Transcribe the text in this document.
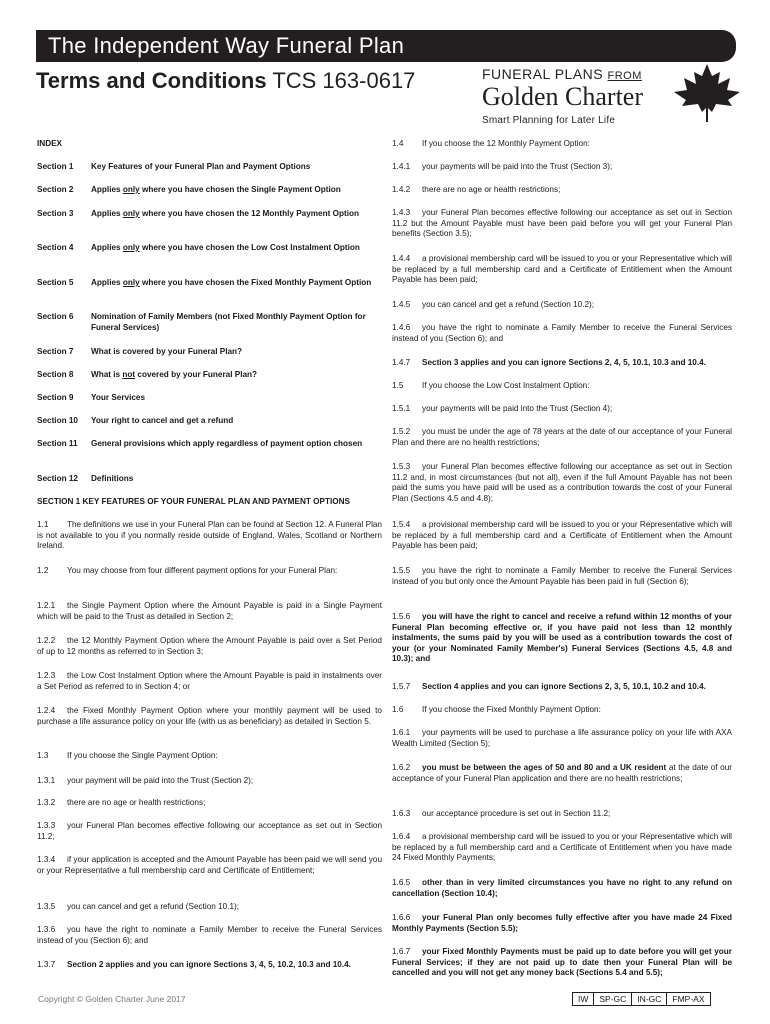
The Independent Way Funeral Plan
Terms and Conditions TCS 163-0617	FUNERAL PLANS FROM
Golden Charter
Smart Planning for Later Life
INDEX
Section 1 Key Features of your Funeral Plan and Payment Options
Section 2 Applies only where you have chosen the Single Payment Option
Section 3 Applies only where you have chosen the 12 Monthly Payment Option
Section 4 Applies only where you have chosen the Low Cost Instalment Option
Section 5 Applies only where you have chosen the Fixed Monthly Payment Option
Section 6 Nomination of Family Members (not Fixed Monthly Payment Option for Funeral Services)
Section 7 What is covered by your Funeral Plan?
Section 8 What is not covered by your Funeral Plan?
Section 9 Your Services
Section 10 Your right to cancel and get a refund
Section 11 General provisions which apply regardless of payment option chosen
Section 12 Definitions
SECTION 1 KEY FEATURES OF YOUR FUNERAL PLAN AND PAYMENT OPTIONS

1.1 The definitions we use in your Funeral Plan can be found at Section 12. A Funeral Plan is not available to you if you normally reside outside of England, Wales, Scotland or Northern Ireland.

1.2 You may choose from four different payment options for your Funeral Plan:

1.2.1 the Single Payment Option where the Amount Payable is paid in a Single Payment which will be paid to the Trust as detailed in Section 2;

1.2.2 the 12 Monthly Payment Option where the Amount Payable is paid over a Set Period of up to 12 months as referred to in Section 3;

1.2.3 the Low Cost Instalment Option where the Amount Payable is paid in instalments over a Set Period as referred to in Section 4; or

1.2.4 the Fixed Monthly Payment Option where your monthly payment will be used to purchase a life assurance policy on your life (with us as beneficiary) as detailed in Section 5.

1.3 If you choose the Single Payment Option:

1.3.1 your payment will be paid into the Trust (Section 2);

1.3.2 there are no age or health restrictions;

1.3.3 your Funeral Plan becomes effective following our acceptance as set out in Section 11.2;

1.3.4 if your application is accepted and the Amount Payable has been paid we will send you or your Representative a full membership card and Certificate of Entitlement;

1.3.5 you can cancel and get a refund (Section 10.1);

1.3.6 you have the right to nominate a Family Member to receive the Funeral Services instead of you (Section 6); and

1.3.7 Section 2 applies and you can ignore Sections 3, 4, 5, 10.2, 10.3 and 10.4.

1.4 If you choose the 12 Monthly Payment Option:

1.4.1 your payments will be paid into the Trust (Section 3);

1.4.2 there are no age or health restrictions;

1.4.3 your Funeral Plan becomes effective following our acceptance as set out in Section 11.2 but the Amount Payable must have been paid before you will get your Funeral Plan benefits (Section 3.5);

1.4.4 a provisional membership card will be issued to you or your Representative which will be replaced by a full membership card and a Certificate of Entitlement when the Amount Payable has been paid;

1.4.5 you can cancel and get a refund (Section 10.2);

1.4.6 you have the right to nominate a Family Member to receive the Funeral Services instead of you (Section 6); and

1.4.7 Section 3 applies and you can ignore Sections 2, 4, 5, 10.1, 10.3 and 10.4.

1.5 If you choose the Low Cost Instalment Option:

1.5.1 your payments will be paid into the Trust (Section 4);

1.5.2 you must be under the age of 78 years at the date of our acceptance of your Funeral Plan and there are no health restrictions;

1.5.3 your Funeral Plan becomes effective following our acceptance as set out in Section 11.2 and, in most circumstances (but not all), even if the full Amount Payable has not been paid the sums you have paid will be used as a contribution towards the cost of your Funeral Plan (Sections 4.5 and 4.8);

1.5.4 a provisional membership card will be issued to you or your Representative which will be replaced by a full membership card and a Certificate of Entitlement when the Amount Payable has been paid;

1.5.5 you have the right to nominate a Family Member to receive the Funeral Services instead of you but only once the Amount Payable has been paid in full (Section 6);

1.5.6 you will have the right to cancel and receive a refund within 12 months of your Funeral Plan becoming effective or, if you have paid not less than 12 monthly instalments, the sums paid by you will be used as a contribution towards the cost of your (or your Nominated Family Member's) Funeral Services (Sections 4.5, 4.8 and 10.3); and

1.5.7 Section 4 applies and you can ignore Sections 2, 3, 5, 10.1, 10.2 and 10.4.

1.6 If you choose the Fixed Monthly Payment Option:

1.6.1 your payments will be used to purchase a life assurance policy on your life with AXA Wealth Limited (Section 5);

1.6.2 you must be between the ages of 50 and 80 and a UK resident at the date of our acceptance of your Funeral Plan application and there are no health restrictions;

1.6.3 our acceptance procedure is set out in Section 11.2;

1.6.4 a provisional membership card will be issued to you or your Representative which will be replaced by a full membership card and a Certificate of Entitlement when you have made 24 Fixed Monthly Payments;

1.6.5 other than in very limited circumstances you have no right to any refund on cancellation (Section 10.4);

1.6.6 your Funeral Plan only becomes fully effective after you have made 24 Fixed Monthly Payments (Section 5.5);

1.6.7 your Fixed Monthly Payments must be paid up to date before you will get your Funeral Services; if they are not paid up to date then your Funeral Plan will be cancelled and you will not get any money back (Sections 5.4 and 5.5);

Copyright © Golden Charter June 2017	IW	SP-GC	IN-GC	FMP-AX
